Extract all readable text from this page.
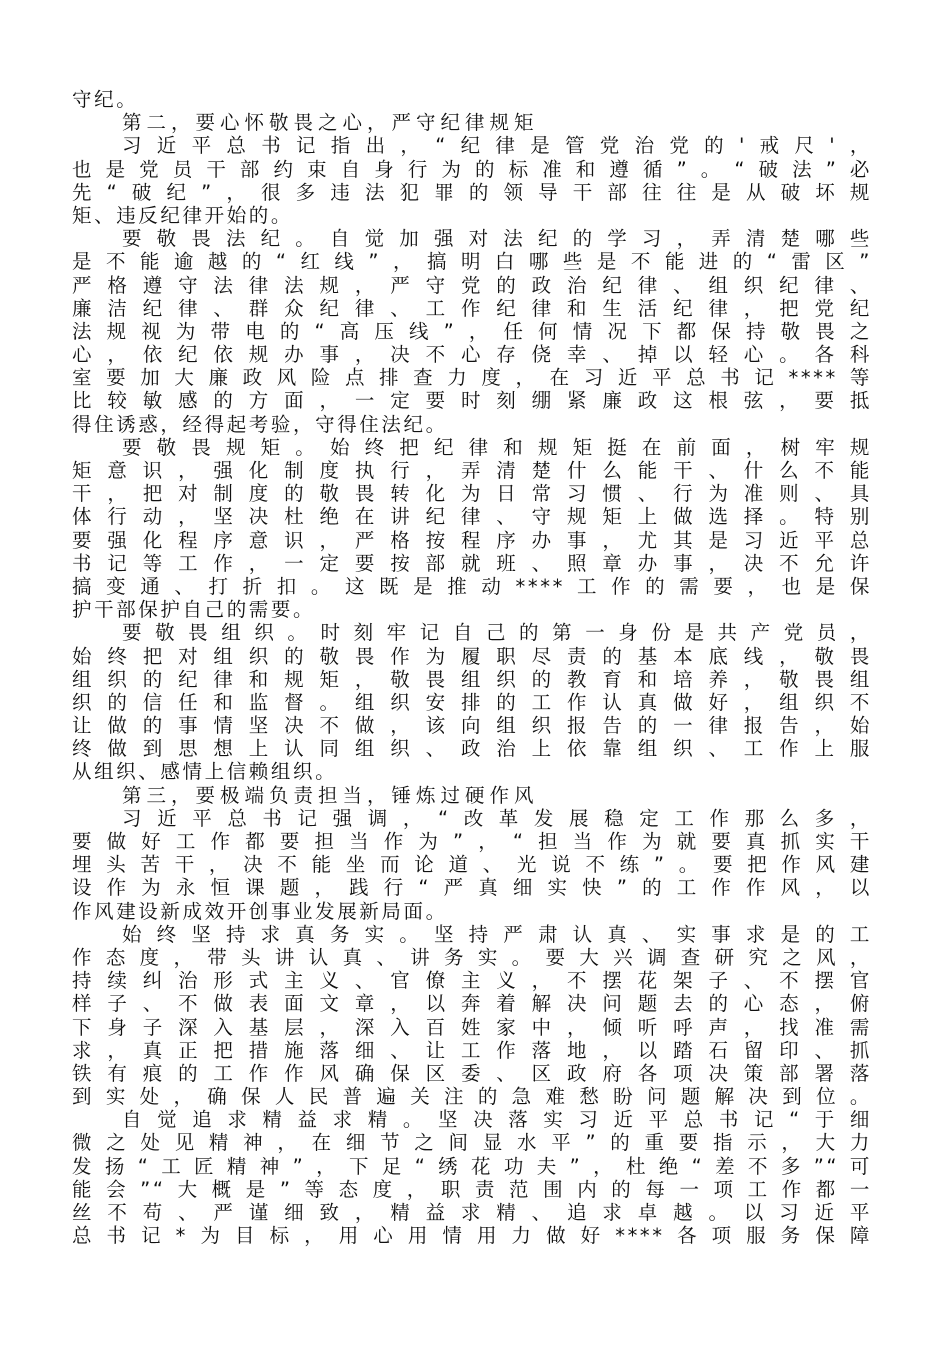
守纪。
第二，要心怀敬畏之心，严守纪律规矩
习近平总书记指出，“纪律是管党治党的'戒尺'，
也是党员干部约束自身行为的标准和遵循”。“破法”必
先“破纪”，很多违法犯罪的领导干部往往是从破坏规
矩、违反纪律开始的。
要敬畏法纪。自觉加强对法纪的学习，弄清楚哪些
是不能逾越的“红线”，搞明白哪些是不能进的“雷区”
严格遵守法律法规，严守党的政治纪律、组织纪律、
廉洁纪律、群众纪律、工作纪律和生活纪律，把党纪
法规视为带电的“高压线”，任何情况下都保持敬畏之
心，依纪依规办事，决不心存侥幸、掉以轻心。各科
室要加大廉政风险点排查力度，在习近平总书记****等
比较敏感的方面，一定要时刻绷紧廉政这根弦，要抵
得住诱惑，经得起考验，守得住法纪。
要敬畏规矩。始终把纪律和规矩挺在前面，树牢规
矩意识，强化制度执行，弄清楚什么能干、什么不能
干，把对制度的敬畏转化为日常习惯、行为准则、具
体行动，坚决杜绝在讲纪律、守规矩上做选择。特别
要强化程序意识，严格按程序办事，尤其是习近平总
书记等工作，一定要按部就班、照章办事，决不允许
搞变通、打折扣。这既是推动****工作的需要，也是保
护干部保护自己的需要。
要敬畏组织。时刻牢记自己的第一身份是共产党员，
始终把对组织的敬畏作为履职尽责的基本底线，敬畏
组织的纪律和规矩，敬畏组织的教育和培养，敬畏组
织的信任和监督。组织安排的工作认真做好，组织不
让做的事情坚决不做，该向组织报告的一律报告，始
终做到思想上认同组织、政治上依靠组织、工作上服
从组织、感情上信赖组织。
第三，要极端负责担当，锤炼过硬作风
习近平总书记强调，“改革发展稳定工作那么多，
要做好工作都要担当作为”，“担当作为就要真抓实干
埋头苦干，决不能坐而论道、光说不练”。要把作风建
设作为永恒课题，践行“严真细实快”的工作作风，以
作风建设新成效开创事业发展新局面。
始终坚持求真务实。坚持严肃认真、实事求是的工
作态度，带头讲认真、讲务实。要大兴调查研究之风，
持续纠治形式主义、官僚主义，不摆花架子、不摆官
样子、不做表面文章，以奔着解决问题去的心态，俯
下身子深入基层，深入百姓家中，倾听呼声，找准需
求，真正把措施落细、让工作落地，以踏石留印、抓
铁有痕的工作作风确保区委、区政府各项决策部署落
到实处，确保人民普遍关注的急难愁盼问题解决到位。
自觉追求精益求精。坚决落实习近平总书记“于细
微之处见精神，在细节之间显水平”的重要指示，大力
发扬“工匠精神”，下足“绣花功夫”，杜绝“差不多”“可
能会”“大概是”等态度，职责范围内的每一项工作都一
丝不苟、严谨细致，精益求精、追求卓越。以习近平
总书记*为目标，用心用情用力做好****各项服务保障
